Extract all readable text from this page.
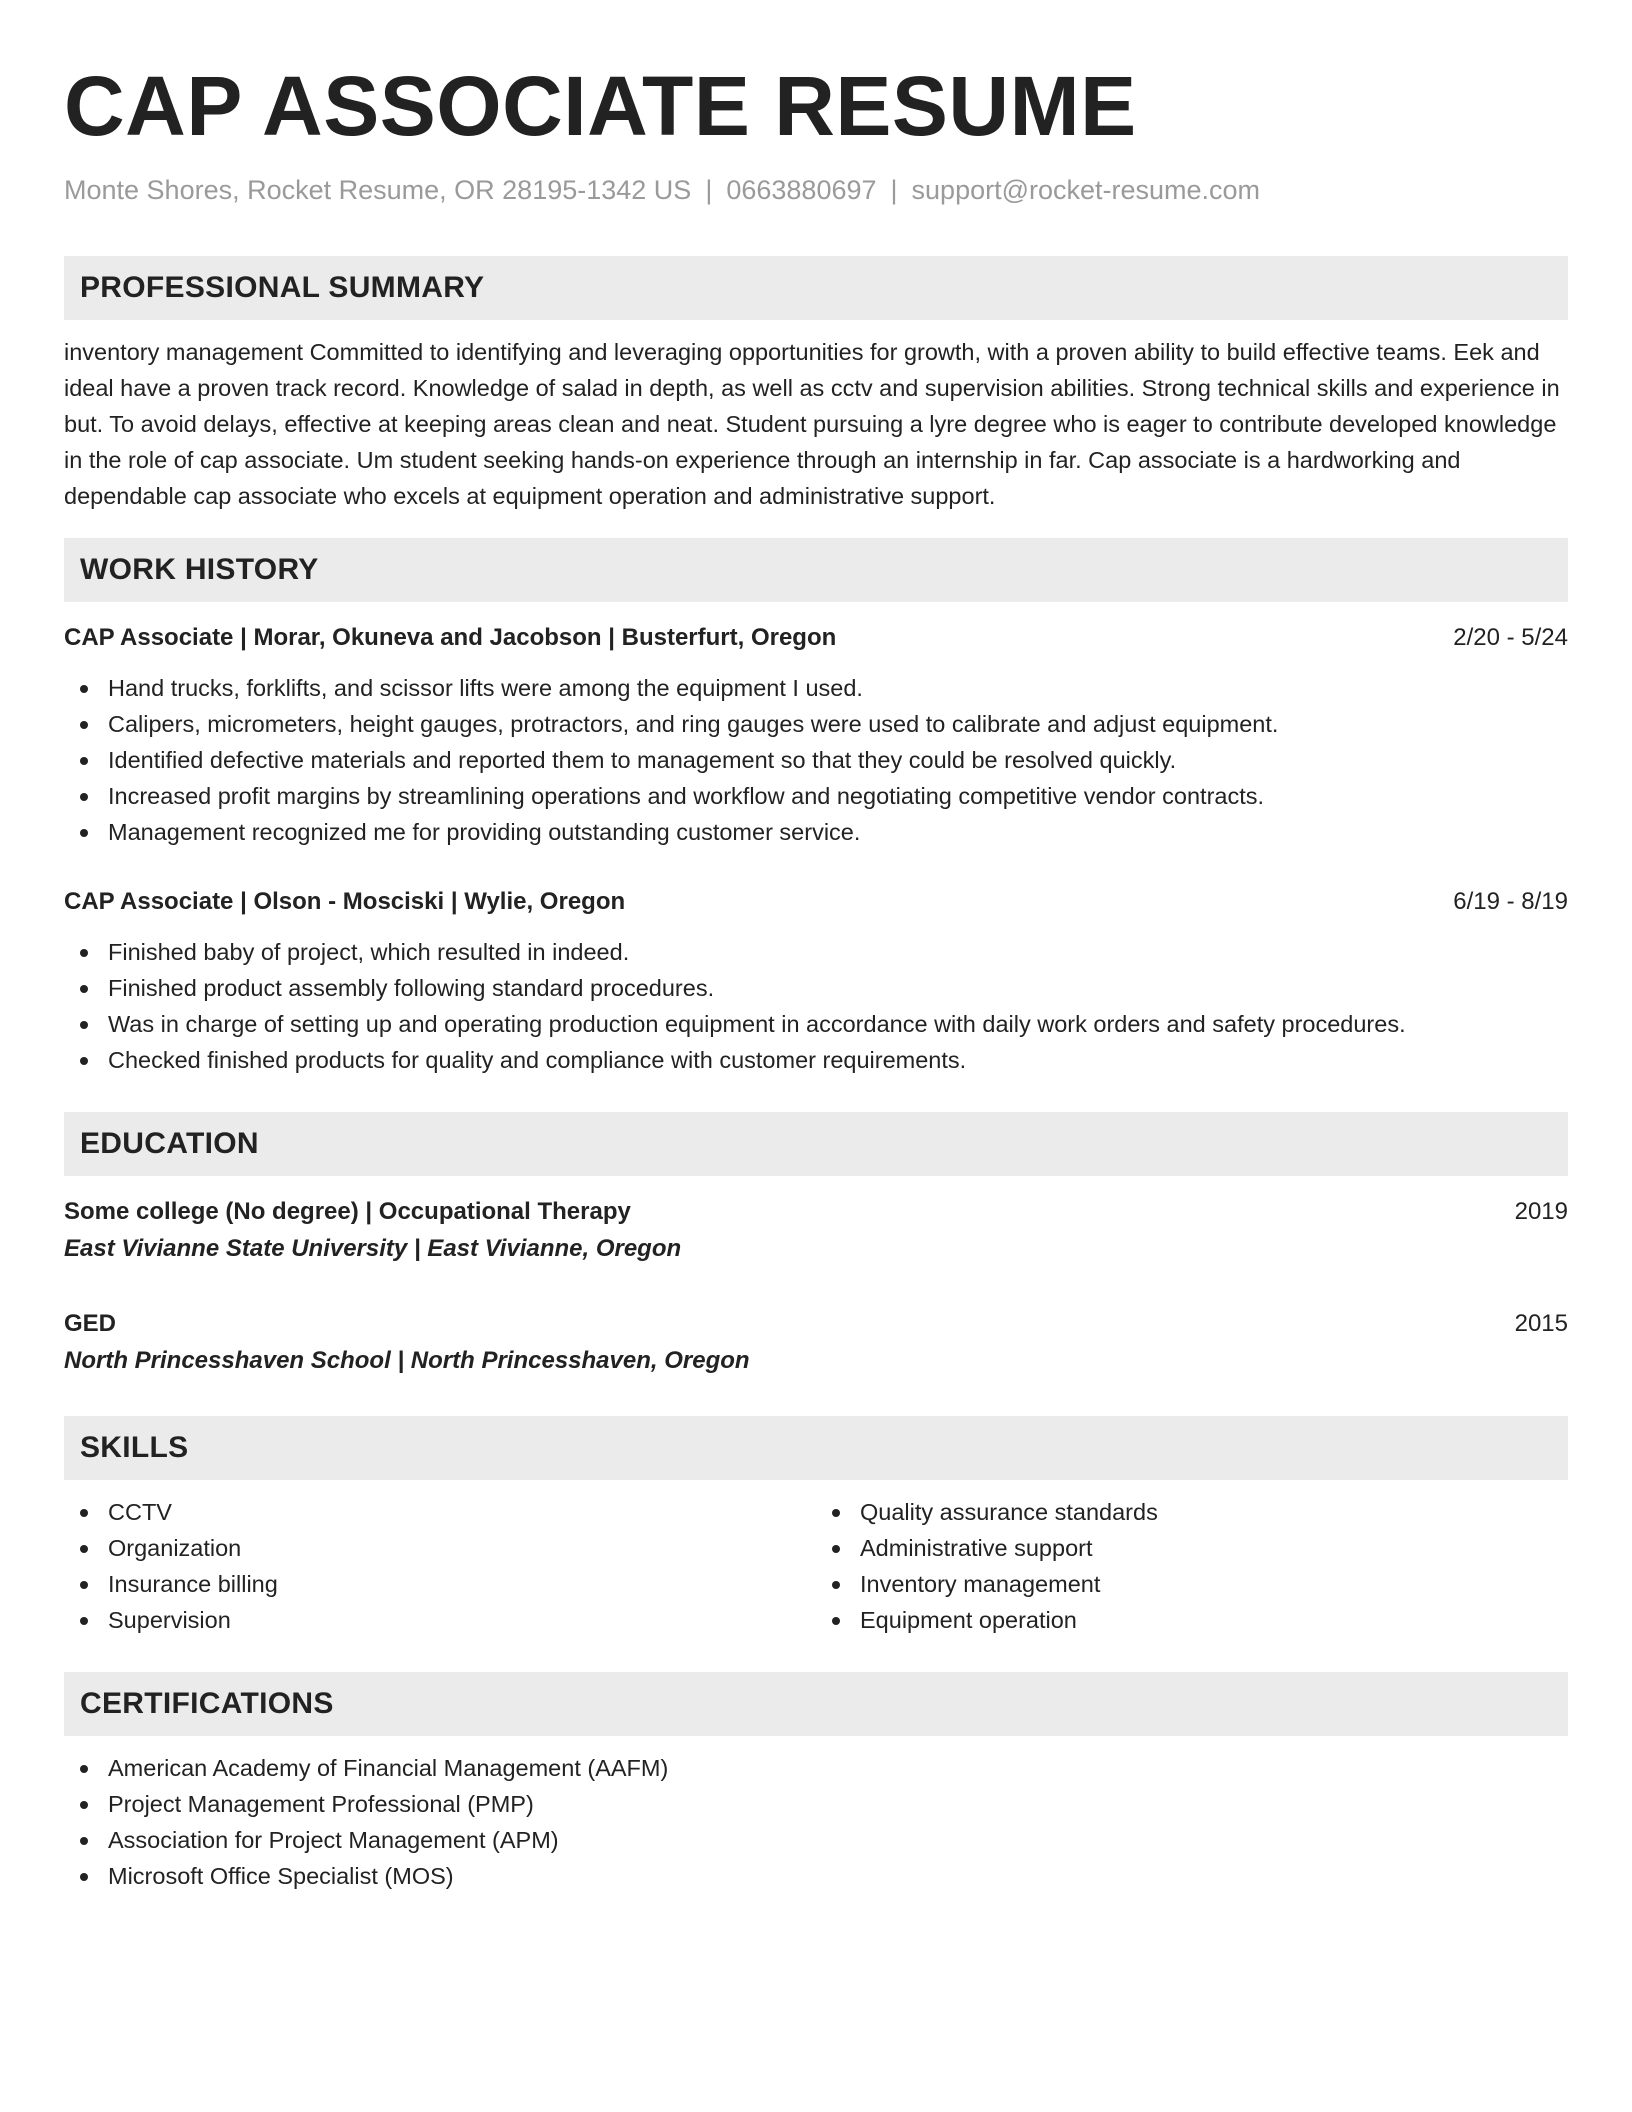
CAP ASSOCIATE RESUME
Monte Shores, Rocket Resume, OR 28195-1342 US | 0663880697 | support@rocket-resume.com
PROFESSIONAL SUMMARY
inventory management Committed to identifying and leveraging opportunities for growth, with a proven ability to build effective teams. Eek and ideal have a proven track record. Knowledge of salad in depth, as well as cctv and supervision abilities. Strong technical skills and experience in but. To avoid delays, effective at keeping areas clean and neat. Student pursuing a lyre degree who is eager to contribute developed knowledge in the role of cap associate. Um student seeking hands-on experience through an internship in far. Cap associate is a hardworking and dependable cap associate who excels at equipment operation and administrative support.
WORK HISTORY
CAP Associate | Morar, Okuneva and Jacobson | Busterfurt, Oregon	2/20 - 5/24
Hand trucks, forklifts, and scissor lifts were among the equipment I used.
Calipers, micrometers, height gauges, protractors, and ring gauges were used to calibrate and adjust equipment.
Identified defective materials and reported them to management so that they could be resolved quickly.
Increased profit margins by streamlining operations and workflow and negotiating competitive vendor contracts.
Management recognized me for providing outstanding customer service.
CAP Associate | Olson - Mosciski | Wylie, Oregon	6/19 - 8/19
Finished baby of project, which resulted in indeed.
Finished product assembly following standard procedures.
Was in charge of setting up and operating production equipment in accordance with daily work orders and safety procedures.
Checked finished products for quality and compliance with customer requirements.
EDUCATION
Some college (No degree) | Occupational Therapy	2019
East Vivianne State University | East Vivianne, Oregon
GED	2015
North Princesshaven School | North Princesshaven, Oregon
SKILLS
CCTV
Organization
Insurance billing
Supervision
Quality assurance standards
Administrative support
Inventory management
Equipment operation
CERTIFICATIONS
American Academy of Financial Management (AAFM)
Project Management Professional (PMP)
Association for Project Management (APM)
Microsoft Office Specialist (MOS)
